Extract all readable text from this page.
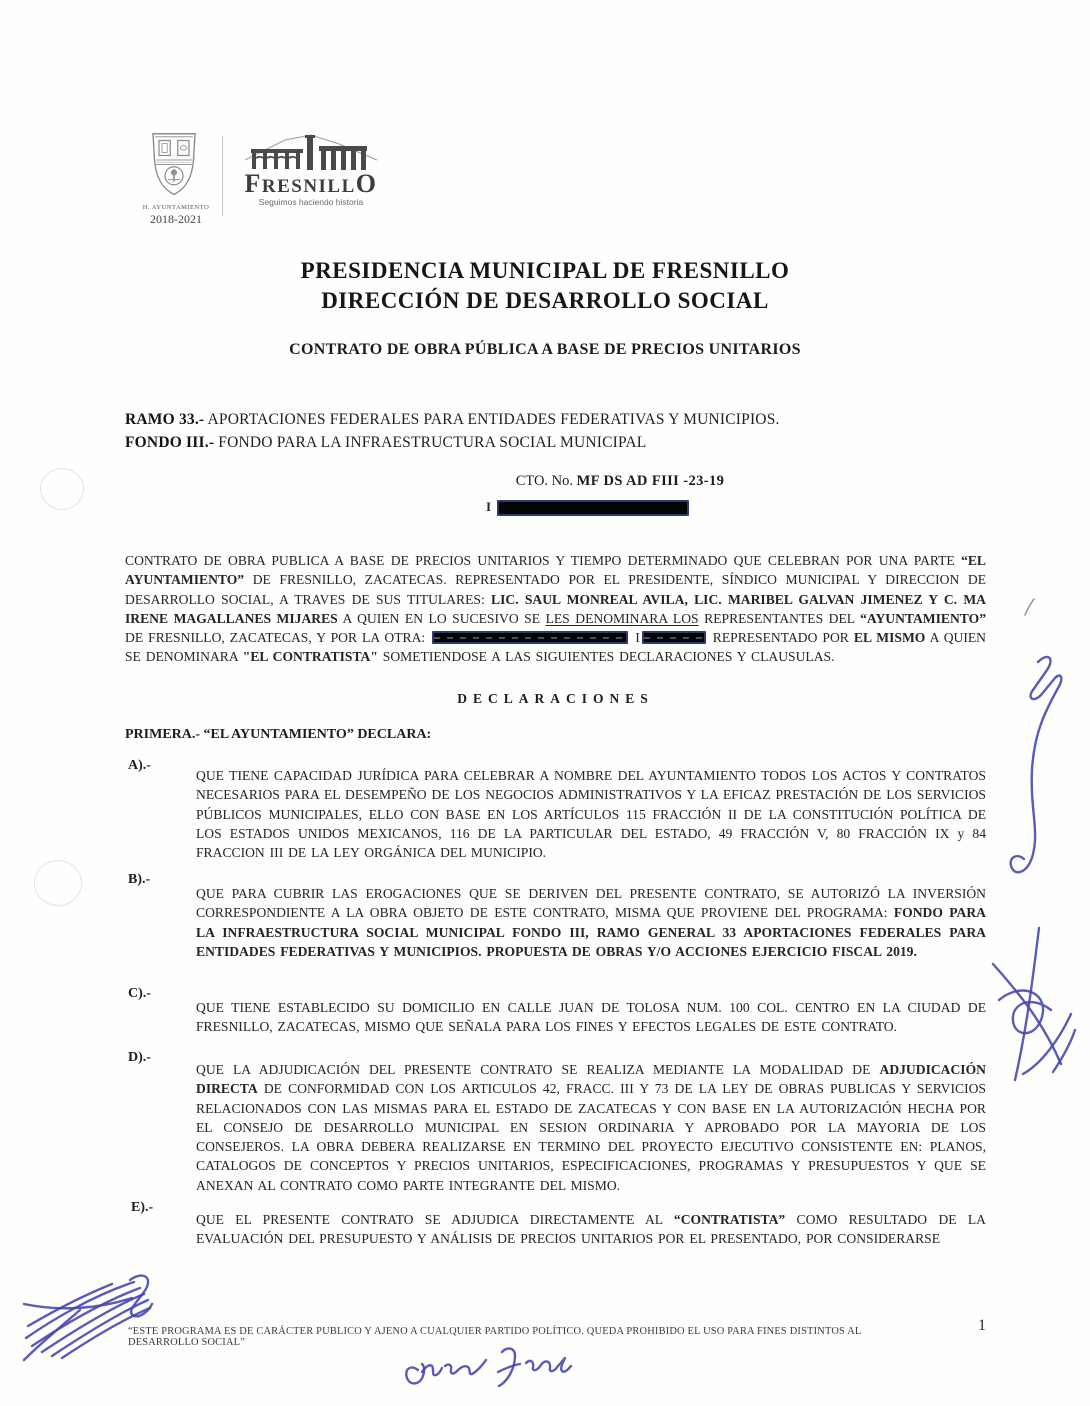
H. AYUNTAMIENTO
2018-2021
FRESNILLO
Seguimos haciendo historia
PRESIDENCIA MUNICIPAL DE FRESNILLO
DIRECCIÓN DE DESARROLLO SOCIAL
CONTRATO DE OBRA PÚBLICA A BASE DE PRECIOS UNITARIOS
RAMO 33.- APORTACIONES FEDERALES PARA ENTIDADES FEDERATIVAS Y MUNICIPIOS.
FONDO III.- FONDO PARA LA INFRAESTRUCTURA SOCIAL MUNICIPAL
CTO. No. MF DS AD FIII -23-19
I
CONTRATO DE OBRA PUBLICA A BASE DE PRECIOS UNITARIOS Y TIEMPO DETERMINADO QUE CELEBRAN POR UNA PARTE “EL AYUNTAMIENTO” DE FRESNILLO, ZACATECAS. REPRESENTADO POR EL PRESIDENTE, SÍNDICO MUNICIPAL Y DIRECCION DE DESARROLLO SOCIAL, A TRAVES DE SUS TITULARES: LIC. SAUL MONREAL AVILA, LIC. MARIBEL GALVAN JIMENEZ Y C. MA IRENE MAGALLANES MIJARES A QUIEN EN LO SUCESIVO SE LES DENOMINARA LOS REPRESENTANTES DEL “AYUNTAMIENTO” DE FRESNILLO, ZACATECAS, Y POR LA OTRA:	I	REPRESENTADO POR EL MISMO A QUIEN SE DENOMINARA "EL CONTRATISTA" SOMETIENDOSE A LAS SIGUIENTES DECLARACIONES Y CLAUSULAS.
DECLARACIONES
PRIMERA.- “EL AYUNTAMIENTO” DECLARA:
A).-
QUE TIENE CAPACIDAD JURÍDICA PARA CELEBRAR A NOMBRE DEL AYUNTAMIENTO TODOS LOS ACTOS Y CONTRATOS NECESARIOS PARA EL DESEMPEÑO DE LOS NEGOCIOS ADMINISTRATIVOS Y LA EFICAZ PRESTACIÓN DE LOS SERVICIOS PÚBLICOS MUNICIPALES, ELLO CON BASE EN LOS ARTÍCULOS 115 FRACCIÓN II DE LA CONSTITUCIÓN POLÍTICA DE LOS ESTADOS UNIDOS MEXICANOS, 116 DE LA PARTICULAR DEL ESTADO, 49 FRACCIÓN V, 80 FRACCIÓN IX y 84 FRACCION III DE LA LEY ORGÁNICA DEL MUNICIPIO.
B).-
QUE PARA CUBRIR LAS EROGACIONES QUE SE DERIVEN DEL PRESENTE CONTRATO, SE AUTORIZÓ LA INVERSIÓN CORRESPONDIENTE A LA OBRA OBJETO DE ESTE CONTRATO, MISMA QUE PROVIENE DEL PROGRAMA: FONDO PARA LA INFRAESTRUCTURA SOCIAL MUNICIPAL FONDO III, RAMO GENERAL 33 APORTACIONES FEDERALES PARA ENTIDADES FEDERATIVAS Y MUNICIPIOS. PROPUESTA DE OBRAS Y/O ACCIONES EJERCICIO FISCAL 2019.
C).-
QUE TIENE ESTABLECIDO SU DOMICILIO EN CALLE JUAN DE TOLOSA NUM. 100 COL. CENTRO EN LA CIUDAD DE FRESNILLO, ZACATECAS, MISMO QUE SEÑALA PARA LOS FINES Y EFECTOS LEGALES DE ESTE CONTRATO.
D).-
QUE LA ADJUDICACIÓN DEL PRESENTE CONTRATO SE REALIZA MEDIANTE LA MODALIDAD DE ADJUDICACIÓN DIRECTA DE CONFORMIDAD CON LOS ARTICULOS 42, FRACC. III Y 73 DE LA LEY DE OBRAS PUBLICAS Y SERVICIOS RELACIONADOS CON LAS MISMAS PARA EL ESTADO DE ZACATECAS Y CON BASE EN LA AUTORIZACIÓN HECHA POR EL CONSEJO DE DESARROLLO MUNICIPAL EN SESION ORDINARIA Y APROBADO POR LA MAYORIA DE LOS CONSEJEROS. LA OBRA DEBERA REALIZARSE EN TERMINO DEL PROYECTO EJECUTIVO CONSISTENTE EN: PLANOS, CATALOGOS DE CONCEPTOS Y PRECIOS UNITARIOS, ESPECIFICACIONES, PROGRAMAS Y PRESUPUESTOS Y QUE SE ANEXAN AL CONTRATO COMO PARTE INTEGRANTE DEL MISMO.
E).-
QUE EL PRESENTE CONTRATO SE ADJUDICA DIRECTAMENTE AL “CONTRATISTA” COMO RESULTADO DE LA EVALUACIÓN DEL PRESUPUESTO Y ANÁLISIS DE PRECIOS UNITARIOS POR EL PRESENTADO, POR CONSIDERARSE
“ESTE PROGRAMA ES DE CARÁCTER PUBLICO Y AJENO A CUALQUIER PARTIDO POLÍTICO. QUEDA PROHIBIDO EL USO PARA FINES DISTINTOS AL DESARROLLO SOCIAL”
1
